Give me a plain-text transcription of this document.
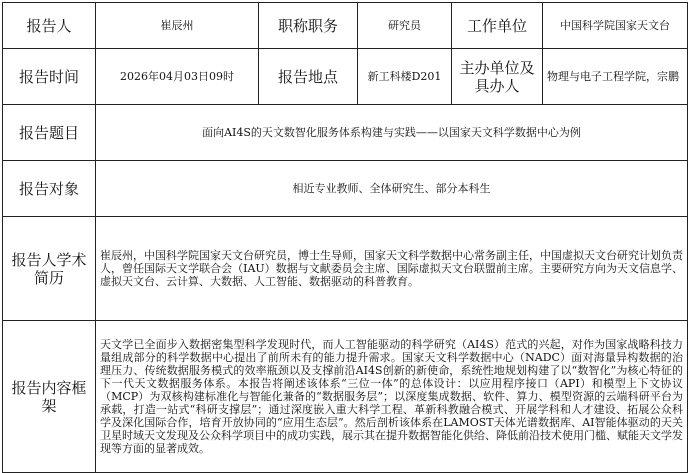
报告人	崔辰州	职称职务	研究员	工作单位	中国科学院国家天文台
报告时间	2026年04月03日09时	报告地点	新工科楼D201	主办单位及具办人	物理与电子工程学院，宗鹏
报告题目	面向AI4S的天文数智化服务体系构建与实践——以国家天文科学数据中心为例				
报告对象	相近专业教师、全体研究生、部分本科生				
报告人学术简历	崔辰州，中国科学院国家天文台研究员，博士生导师，国家天文科学数据中心常务副主任，中国虚拟天文台研究计划负责人，曾任国际天文学联合会（IAU）数据与文献委员会主席、国际虚拟天文台联盟前主席。主要研究方向为天文信息学、虚拟天文台、云计算、大数据、人工智能、数据驱动的科普教育。				

报告内容框架	天文学已全面步入数据密集型科学发现时代，而人工智能驱动的科学研究（AI4S）范式的兴起，对作为国家战略科技力量组成部分的科学数据中心提出了前所未有的能力提升需求。国家天文科学数据中心（NADC）面对海量异构数据的治理压力、传统数据服务模式的效率瓶颈以及支撑前沿AI4S创新的新使命，系统性地规划构建了以“数智化”为核心特征的下一代天文数据服务体系。本报告将阐述该体系“三位一体”的总体设计：以应用程序接口（API）和模型上下文协议（MCP）为双核构建标准化与智能化兼备的“数据服务层”；以深度集成数据、软件、算力、模型资源的云端科研平台为承载，打造一站式“科研支撑层”；通过深度嵌入重大科学工程、革新科教融合模式、开展学科和人才建设、拓展公众科学及深化国际合作，培育开放协同的“应用生态层”。然后剖析该体系在LAMOST天体光谱数据库、AI智能体驱动的天关卫星时域天文发现及公众科学项目中的成功实践，展示其在提升数据智能化供给、降低前沿技术使用门槛、赋能天文学发现等方面的显著成效。				
